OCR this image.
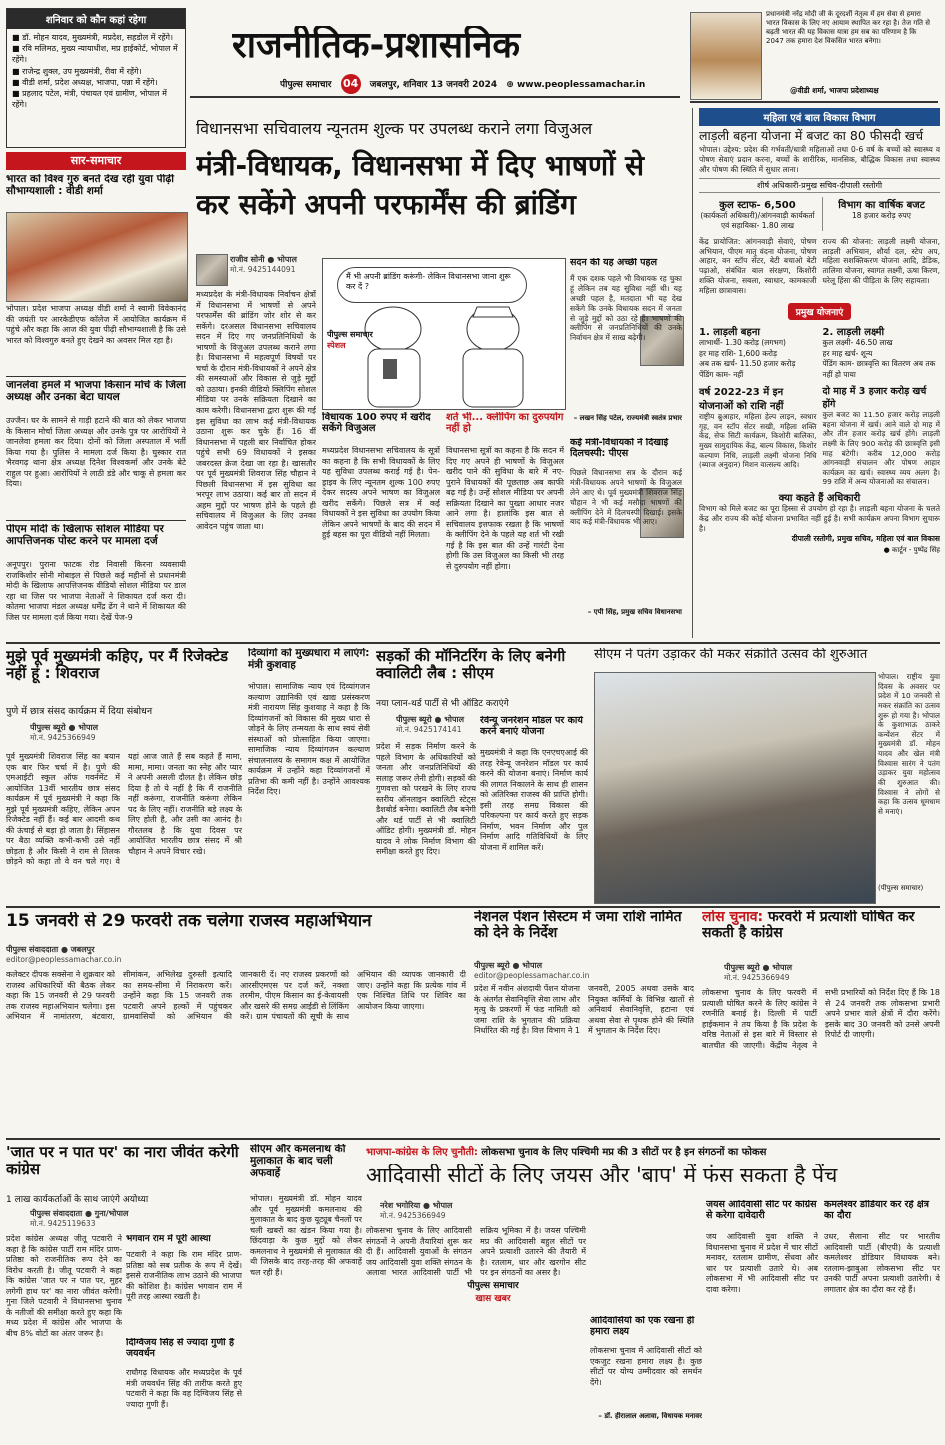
राजनीतिक-प्रशासनिक
पीपुल्स समाचार 04 जबलपुर, शनिवार 13 जनवरी 2024 ⊕ www.peoplessamachar.in
प्रधानमंत्री नरेंद्र मोदी जी के दूरदर्शी नेतृत्व में हम सेवा से हमारा भारत विकास के लिए नए आयाम स्थापित कर रहा है। तेज गति से बढ़ती भारत की यह विकास यात्रा हम सब का परिणाम है कि 2047 तक हमारा देश विकसित भारत बनेगा।
@वीडी शर्मा, भाजपा प्रदेशाध्यक्ष
शनिवार को कौन कहां रहेगा
■ डॉ. मोहन यादव, मुख्यमंत्री, मप्रदेश, सहडोल में रहेंगे।
■ रवि मलिमठ, मुख्य न्यायाधीश, मप्र हाईकोर्ट, भोपाल में रहेंगे।
■ राजेन्द्र शुक्ल, उप मुख्यमंत्री, रीवा में रहेंगे।
■ वीडी शर्मा, प्रदेश अध्यक्ष, भाजपा, पन्ना में रहेंगे।
■ प्रहलाद पटेल, मंत्री, पंचायत एवं ग्रामीण, भोपाल में रहेंगे।
सार-समाचार
भारत को विश्व गुरु बनते देख रही युवा पीढ़ी सौभाग्यशाली : वीडी शर्मा
भोपाल। प्रदेश भाजपा अध्यक्ष वीडी शर्मा ने स्वामी विवेकानंद की जयंती पर आरकेडीएफ कॉलेज में आयोजित कार्यक्रम में पहुंचे और कहा कि आज की युवा पीढ़ी सौभाग्यशाली है कि उसे भारत को विश्वगुरु बनते हुए देखने का अवसर मिल रहा है।
जानलेवा हमले में भाजपा किसान मोर्चे के जिला अध्यक्ष और उनका बेटा घायल
उज्जैन। घर के सामने से गाड़ी हटाने की बात को लेकर भाजपा के किसान मोर्चा जिला अध्यक्ष और उनके पुत्र पर आरोपियों ने जानलेवा हमला कर दिया। दोनों को जिला अस्पताल में भर्ती किया गया है। पुलिस ने मामला दर्ज किया है। घुस्कार रात भैरवगढ़ थाना क्षेत्र अध्यक्ष दिनेश विश्वकर्मा और उनके बेटे राहुल पर हुआ। आरोपियों ने लाठी डंडे और चाकू से हमला कर दिया।
पीएम मोदी के खिलाफ सोशल मीडिया पर आपत्तिजनक पोस्ट करने पर मामला दर्ज
अनूपपुर। पुराना फाटक रोड निवासी किरना व्यवसायी राजकिशोर सोनी मोबाइल से पिछले कई महीनों से प्रधानमंत्री मोदी के खिलाफ आपत्तिजनक वीडियो सोशल मीडिया पर डाल रहा था जिस पर भाजपा नेताओं ने शिकायत दर्ज करा दी। कोतमा भाजपा मंडल अध्यक्ष धर्मेंद्र ढेंग ने थाने में शिकायत की जिस पर मामला दर्ज किया गया। देखें पेज-9
विधानसभा सचिवालय न्यूनतम शुल्क पर उपलब्ध कराने लगा विजुअल
मंत्री-विधायक, विधानसभा में दिए भाषणों से कर सकेंगे अपनी परफार्मेंस की ब्रांडिंग
राजीव सोनी ● भोपाल
मो.नं. 9425144091
मध्यप्रदेश के मंत्री-विधायक निर्वाचन क्षेत्रों में विधानसभा में भाषणों से अपने परफार्मेंस की ब्रांडिंग जोर शोर से कर सकेंगे। दरअसल विधानसभा सचिवालय सदन में दिए गए जनप्रतिनिधियों के भाषणों के विजुअल उपलब्ध कराने लगा है। विधानसभा में महत्वपूर्ण विषयों पर चर्चा के दौरान मंत्री-विधायकों ने अपने क्षेत्र की समस्याओं और विकास से जुड़े मुद्दों को उठाया। इनकी वीडियो क्लिपिंग सोशल मीडिया पर उनके सक्रियता दिखाने का काम करेगी। विधानसभा द्वारा शुरू की गई इस सुविधा का लाभ कई मंत्री-विधायक उठाना शुरू कर चुके हैं। 16 वीं विधानसभा में पहली बार निर्वाचित होकर पहुंचे सभी 69 विधायकों ने इसका जबरदस्त क्रेज देखा जा रहा है। खासतौर पर पूर्व मुख्यमंत्री शिवराज सिंह चौहान ने पिछली विधानसभा में इस सुविधा का भरपूर लाभ उठाया। कई बार तो सदन में अहम मुद्दों पर भाषण होने के पहले ही सचिवालय में विजुअल के लिए उनका आवेदन पहुंच जाता था।
मैं भी अपनी ब्रांडिंग करूंगी- लेकिन विधानसभा जाना शुरू कर दें ?
पीपुल्स समाचार
स्पेशल
विधायक 100 रुपए में खरीद सकेंगे विजुअल
मध्यप्रदेश विधानसभा सचिवालय के सूत्रों का कहना है कि सभी विधायकों के लिए यह सुविधा उपलब्ध कराई गई है। पेन-ड्राइव के लिए न्यूनतम शुल्क 100 रुपए देकर सदस्य अपने भाषण का विजुअल खरीद सकेंगे। पिछले सत्र में कई विधायकों ने इस सुविधा का उपयोग किया लेकिन अपने भाषणों के बाद की सदन में हुई बहस का पूरा वीडियो नहीं मिलता।
शर्त भी... क्लीपिंग का दुरुपयोग नहीं हो
विधानसभा सूत्रों का कहना है कि सदन में दिए गए अपने ही भाषणों के विजुअल खरीद पाने की सुविधा के बारे में नए-पुराने विधायकों की पूछताछ अब काफी बढ़ गई है। उन्हें सोशल मीडिया पर अपनी सक्रियता दिखाने का पुख्ता आधार नजर आने लगा है। हालांकि इस बात से सचिवालय इत्तफाक रखता है कि भाषणों के क्लीपिंग देने के पहले यह शर्त भी रखी गई है कि इस बात की उन्हें गारंटी देना होगी कि उस विजुअल का किसी भी तरह से दुरुपयोग नहीं होगा।
सदन की यह अच्छी पहल
मैं एक दशक पहले भी विधायक रह चुका हूं लेकिन तब यह सुविधा नहीं थी। यह अच्छी पहल है, मतदाता भी यह देख सकेंगे कि उनके विधायक सदन में जनता से जुड़े मुद्दों को उठा रहे हैं। भाषणों की क्लीपिंग से जनप्रतिनिधियों की उनके निर्वाचन क्षेत्र में साख बढ़ेगी।
– लखन सिंह पटेल, राज्यमंत्री स्वतंत्र प्रभार
कई मंत्री-विधायकों ने दिखाई दिलचस्पी: पीएस
पिछले विधानसभा सत्र के दौरान कई मंत्री-विधायक अपने भाषणों के विजुअल लेने आए थे। पूर्व मुख्यमंत्री शिवराज सिंह चौहान ने भी कई मसौदा भाषणों की क्लीपिंग देने में दिलचस्पी दिखाई। इसके बाद कई मंत्री-विधायक भी आए।
– एपी सिंह, प्रमुख सचिव विधानसभा
महिला एवं बाल विकास विभाग
लाड़ली बहना योजना में बजट का 80 फीसदी खर्च
भोपाल। उद्देश्य: प्रदेश की गर्भवती/धात्री महिलाओं तथा 0-6 वर्ष के बच्चों को स्वास्थ्य व पोषण सेवाएं प्रदान करना, बच्चों के शारीरिक, मानसिक, बौद्धिक विकास तथा स्वास्थ्य और पोषण की स्थिति में सुधार लाना।
शीर्ष अधिकारी-प्रमुख सचिव-दीपाली रस्तोगी
कुल स्टाफ- 6,500
(कार्यकर्ता अधिकारी)/आंगनवाड़ी कार्यकर्ता एवं सहायिका- 1.80 लाख
विभाग का वार्षिक बजट
18 हजार करोड़ रुपए
केंद्र प्रायोजित: आंगनवाड़ी सेवाएं, पोषण अभियान, पीएम मातृ वंदना योजना, पोषण आहार, वन स्टॉप सेंटर, बेटी बचाओ बेटी पढ़ाओ, संबंधित बाल संरक्षण, किशोरी शक्ति योजना, सबला, स्वाधार, कामकाजी महिला छात्रावास।
राज्य की योजना: लाड़ली लक्ष्मी योजना, लाड़ली अभियान, शौर्या दल, स्टेप अप, महिला सशक्तिकरण योजना आदि, डेडिक, तालिमा योजना, स्वागत लक्ष्मी, ऊषा किरण, घरेलू हिंसा की पीड़िता के लिए सहायता।
प्रमुख योजनाएं
1. लाड़ली बहना
लाभार्थी- 1.30 करोड़ (लगभग)
हर माह राशि- 1,600 करोड़
अब तक खर्च- 11.50 हजार करोड़
पेंडिंग काम- नहीं
वर्ष 2022-23 में इन योजनाओं को राशि नहीं
राष्ट्रीय ब्रुआहार, महिला हेल्प लाइन, स्वधार गृह, वन स्टॉप सेंटर सखी, महिला शक्ति केंद्र, सेफ सिटी कार्यक्रम, किशोरी बालिका, मुख्य सामुदायिक केंद्र, बाल्य विकास, किशोर कल्याण निधि, लाड़ली लक्ष्मी योजना निधि (ब्याज अनुदान) मिशन वात्सल्य आदि।
2. लाड़ली लक्ष्मी
कुल लक्ष्मी- 46.50 लाख
हर माह खर्च- शून्य
पेंडिंग काम- छात्रवृत्ति का वितरण अब तक नहीं हो पाया
दो माह में 3 हजार करोड़ खर्च होंगे
कुल बजट का 11.50 हजार करोड़ लाड़ली बहना योजना में खर्च। आने वाले दो माह में और तीन हजार करोड़ खर्च होंगे। लाड़ली लक्ष्मी के लिए 900 करोड़ की छात्रवृत्ति इसी माह बंटेगी। करीब 12,000 करोड़ आंगनवाड़ी संचालन और पोषण आहार कार्यक्रम का खर्च। स्वास्थ्य व्यय अलग है। 99 राशि में अन्य योजनाओं का संचालन।
क्या कहते हैं अधिकारी
विभाग को मिले बजट का पूरा हिस्सा से उपयोग हो रहा है। लाड़ली बहना योजना के चलते केंद्र और राज्य की कोई योजना प्रभावित नहीं हुई है। सभी कार्यक्रम अपना विभाग सुचारू है।
दीपाली रस्तोगी, प्रमुख सचिव, महिला एवं बाल विकास
● कार्टून - पुष्पेंद्र सिंह
मुझे पूर्व मुख्यमंत्री कहिए, पर मैं रिजेक्टेड नहीं हूं : शिवराज
पुणे में छात्र संसद कार्यक्रम में दिया संबोधन
पीपुल्स ब्यूरो ● भोपाल
मो.नं. 9425366949
पूर्व मुख्यमंत्री शिवराज सिंह का बयान एक बार फिर चर्चा में है। पुणे की एमआईटी स्कूल ऑफ गवर्नमेंट में आयोजित 13वीं भारतीय छात्र संसद कार्यक्रम में पूर्व मुख्यमंत्री ने कहा कि मुझे पूर्व मुख्यमंत्री कहिए, लेकिन अपन रिजेक्टेड नहीं हैं। कई बार आदमी कथ की ऊंचाई से बड़ा हो जाता है। सिंहासन पर बैठा व्यक्ति कभी-कभी उसे नहीं छोड़ता है और किसी ने राम से तिलक छोड़ने को कहा तो वे वन चले गए। वे यहां आज जाते हैं सब कहते हैं मामा, मामा, मामा। जनता का स्नेह और प्यार ने अपनी असली दौलत है। लेकिन छोड़ दिया है तो ये नहीं है कि मैं राजनीति नहीं करूंगा, राजनीति करूंगा लेकिन पद के लिए नहीं। राजनीति बड़े लक्ष्य के लिए होती है, और उसी का आनंद है। गौरतलब है कि युवा दिवस पर आयोजित भारतीय छात्र संसद में श्री चौहान ने अपने विचार रखे।
दिव्यांगों को मुख्यधारा में लाएंगे: मंत्री कुशवाह
भोपाल। सामाजिक न्याय एवं दिव्यांगजन कल्याण उद्यानिकी एवं खाद्य प्रसंस्करण मंत्री नारायण सिंह कुशवाह ने कहा है कि दिव्यांगजनों को विकास की मुख्य धारा से जोड़ने के लिए तन्मयता के साथ स्वयं सेवी संस्थाओं को प्रोत्साहित किया जाएगा। सामाजिक न्याय दिव्यांगजन कल्याण संचालनालय के समागम कक्ष में आयोजित कार्यक्रम में उन्होंने कहा दिव्यांगजनों में प्रतिभा की कमी नहीं है। उन्होंने आवश्यक निर्देश दिए।
सड़कों की मॉनिटरिंग के लिए बनेगी क्वालिटी लैब : सीएम
नया प्लान-थर्ड पार्टी से भी ऑडिट कराएंगे
पीपुल्स ब्यूरो ● भोपाल
मो.नं. 9425174141
प्रदेश में सड़क निर्माण करने के पहले विभाग के अधिकारियों को जनता और जनप्रतिनिधियों की सलाह जरूर लेनी होगी। सड़कों की गुणवत्ता को परखने के लिए राज्य स्तरीय ऑनलाइन क्वालिटी स्टेट्स डैशबोर्ड बनेगा। क्वालिटी लैब बनेगी और थर्ड पार्टी से भी क्वालिटी ऑडिट होगी। मुख्यमंत्री डॉ. मोहन यादव ने लोक निर्माण विभाग की समीक्षा करते हुए दिए।
रेवेन्यू जनरेशन मॉडल पर कार्य करने बनाएं योजना
मुख्यमंत्री ने कहा कि एनएचएआई की तरह रेवेन्यू जनरेशन मॉडल पर कार्य करने की योजना बनाएं। निर्माण कार्य की लागत निकालने के साथ ही शासन को अतिरिक्त राजस्व की प्राप्ति होगी। इसी तरह समग्र विकास की परिकल्पना पर कार्य करते हुए सड़क निर्माण, भवन निर्माण और पुल निर्माण आदि गतिविधियों के लिए योजना में शामिल करें।
सीएम ने पतंग उड़ाकर की मकर संक्रांति उत्सव की शुरुआत
भोपाल। राष्ट्रीय युवा दिवस के अवसर पर प्रदेश में 10 जनवरी से मकर संक्रांति का उत्सव शुरू हो गया है। भोपाल के कुशाभाऊ ठाकरे कन्वेंशन सेंटर में मुख्यमंत्री डॉ. मोहन यादव और खेल मंत्री विश्वास सारंग ने पतंग उड़ाकर युवा महोत्सव की शुरुआत की। विश्वास ने लोगों से कहा कि उत्सव धूमधाम से मनाएं।
(पीपुल्स समाचार)
15 जनवरी से 29 फरवरी तक चलेगा राजस्व महाअभियान
पीपुल्स संवाददाता ● जबलपुर
editor@peoplessamachar.co.in
कलेक्टर दीपक सक्सेना ने शुक्रवार को राजस्व अधिकारियों की बैठक लेकर कहा कि 15 जनवरी से 29 फरवरी तक राजस्व महाअभियान चलेगा। इस अभियान में नामांतरण, बंटवारा, सीमांकन, अभिलेख दुरुस्ती इत्यादि का समय-सीमा में निराकरण करें। उन्होंने कहा कि 15 जनवरी तक पटवारी अपने हल्कों में पहुंचकर ग्रामवासियों को अभियान की जानकारी दें। नए राजस्व प्रकरणों को आरसीएमएस पर दर्ज करें, नक्शा तरमीम, पीएम किसान का ई-केवायसी और खसरे की समग्र आईडी से लिंकिंग करें। ग्राम पंचायतों की सूची के साथ अभियान की व्यापक जानकारी दी जाए। उन्होंने कहा कि प्रत्येक गांव में एक निश्चित तिथि पर शिविर का आयोजन किया जाएगा।
नेशनल पेंशन सिस्टम में जमा राशि नामित को देने के निर्देश
पीपुल्स ब्यूरो ● भोपाल
editor@peoplessamachar.co.in
प्रदेश में नवीन अंशदायी पेंशन योजना के अंतर्गत सेवानिवृत्ति सेवा लाभ और मृत्यु के प्रकरणों में फंड नामिती को जमा राशि के भुगतान की प्रक्रिया निर्धारित की गई है। वित्त विभाग ने 1 जनवरी, 2005 अथवा उसके बाद नियुक्त कर्मियों के विभिन्न खातों से अनिवार्य सेवानिवृत्ति, हटाना एवं अथवा सेवा से पृथक होने की स्थिति में भुगतान के निर्देश दिए।
लोस चुनाव: फरवरी में प्रत्याशी घोषित कर सकती है कांग्रेस
पीपुल्स ब्यूरो ● भोपाल
मो.नं. 9425366949
लोकसभा चुनाव के लिए फरवरी में प्रत्याशी घोषित करने के लिए कांग्रेस ने रणनीति बनाई है। दिल्ली में पार्टी हाईकमान ने तय किया है कि प्रदेश के वरिष्ठ नेताओं से इस बारे में विस्तार से बातचीत की जाएगी। केंद्रीय नेतृत्व ने सभी प्रभारियों को निर्देश दिए हैं कि 18 से 24 जनवरी तक लोकसभा प्रभारी अपने प्रभार वाले क्षेत्रों में दौरा करेंगे। इसके बाद 30 जनवरी को उनसे अपनी रिपोर्ट दी जाएगी।
'जात पर न पात पर' का नारा जीवंत करेगी कांग्रेस
1 लाख कार्यकर्ताओं के साथ जाएंगे अयोध्या
पीपुल्स संवाददाता ● गुना/भोपाल
मो.नं. 9425119633
प्रदेश कांग्रेस अध्यक्ष जीतू पटवारी ने कहा है कि कांग्रेस पार्टी राम मंदिर प्राण-प्रतिष्ठा को राजनीतिक रूप देने का विरोध करती है। जीतू पटवारी ने कहा कि कांग्रेस 'जात पर न पात पर, मुहर लगेगी हाथ पर' का नारा जीवंत करेगी। गुना जिले पटवारी ने विधानसभा चुनाव के नतीजों की समीक्षा करते हुए कहा कि मध्य प्रदेश में कांग्रेस और भाजपा के बीच 8% वोटों का अंतर जरूर है।
भगवान राम में पूरी आस्था
पटवारी ने कहा कि राम मंदिर प्राण-प्रतिष्ठा को सब प्रतीक के रूप में देखें। इससे राजनीतिक लाभ उठाने की भाजपा की कोशिश है। कांग्रेस भगवान राम में पूरी तरह आस्था रखती है।
दिग्विजय सिंह से ज्यादा गुणी हैं जयवर्धन
राघौगढ़ विधायक और मध्यप्रदेश के पूर्व मंत्री जयवर्धन सिंह की तारीफ करते हुए पटवारी ने कहा कि वह दिग्विजय सिंह से ज्यादा गुणी हैं।
सीएम और कमलनाथ की मुलाकात के बाद चली अफवाहें
भोपाल। मुख्यमंत्री डॉ. मोहन यादव और पूर्व मुख्यमंत्री कमलनाथ की मुलाकात के बाद कुछ यूट्यूब चैनलों पर चली खबरों का खंडन किया गया है। छिंदवाड़ा के कुछ मुद्दों को लेकर कमलनाथ ने मुख्यमंत्री से मुलाकात की थी जिसके बाद तरह-तरह की अफवाहें चल रही हैं।
भाजपा-कांग्रेस के लिए चुनौती: लोकसभा चुनाव के लिए पश्चिमी मप्र की 3 सीटों पर है इन संगठनों का फोकस
आदिवासी सीटों के लिए जयस और 'बाप' में फंस सकता है पेंच
नरेश भगोरिया ● भोपाल
मो.नं. 9425366949
पीपुल्स समाचार
खास खबर
लोकसभा चुनाव के लिए आदिवासी संगठनों ने अपनी तैयारियां शुरू कर दी हैं। आदिवासी युवाओं के संगठन जय आदिवासी युवा शक्ति संगठन के अलावा भारत आदिवासी पार्टी भी सक्रिय भूमिका में है। जयस पश्चिमी मप्र की आदिवासी बहुल सीटों पर अपने प्रत्याशी उतारने की तैयारी में है। रतलाम, धार और खरगोन सीट पर इन संगठनों का असर है।
आदिवासियों को एक रखना ही हमारा लक्ष्य
लोकसभा चुनाव में आदिवासी सीटों को एकजुट रखना हमारा लक्ष्य है। कुछ सीटों पर योग्य उम्मीदवार को समर्थन देंगे।
– डॉ. हीरालाल अलावा, विधायक मनावर
जयस आदिवासी सीट पर कांग्रेस से करेगा दावेदारी
जय आदिवासी युवा शक्ति ने विधानसभा चुनाव में प्रदेश में चार सीटों मनावर, रतलाम ग्रामीण, सेंधवा और धार पर प्रत्याशी उतारे थे। अब लोकसभा में भी आदिवासी सीट पर दावा करेगा।
कमलेश्वर डोडियार कर रहे क्षेत्र का दौरा
उधर, सैलाना सीट पर भारतीय आदिवासी पार्टी (बीएपी) के प्रत्याशी कमलेश्वर डोडियार विधायक बने। रतलाम-झाबुआ लोकसभा सीट पर उनकी पार्टी अपना प्रत्याशी उतारेगी। वे लगातार क्षेत्र का दौरा कर रहे हैं।
